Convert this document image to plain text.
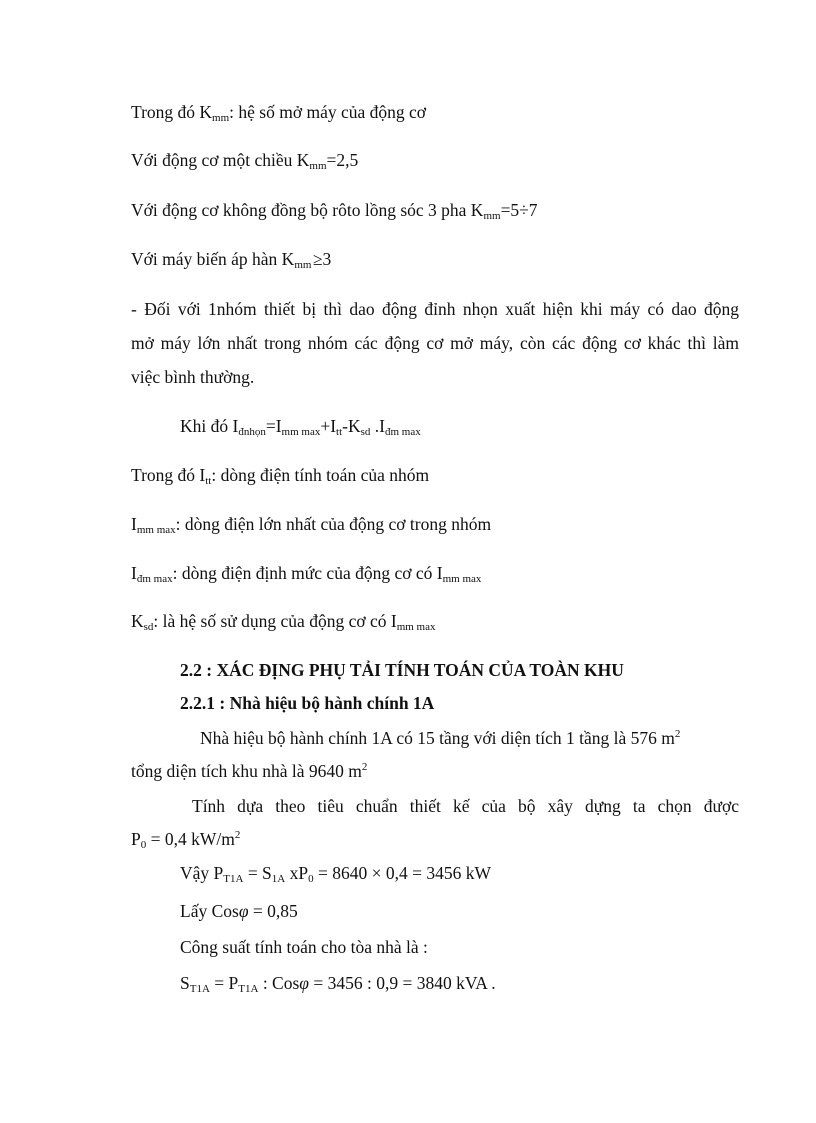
Trong đó $K_{mm}$: hệ số mở máy của động cơ
Với động cơ một chiều $K_{mm}=2,5$
Với động cơ không đồng bộ rôto lồng sóc 3 pha $K_{mm}=5\div 7$
Với máy biến áp hàn $K_{mm}$ ≥3
- Đối với 1nhóm thiết bị thì dao động đỉnh nhọn xuất hiện khi máy có dao động
mở máy lớn nhất trong nhóm các động cơ mở máy, còn các động cơ khác thì làm
việc bình thường.
Khi đó $I_{đnhọn}=I_{mm max}+I_{tt}-K_{sd}$ $.I_{đm max}$
Trong đó $I_{tt}$: dòng điện tính toán của nhóm
$I_{mm max}$: dòng điện lớn nhất của động cơ trong nhóm
$I_{đm max}$: dòng điện định mức của động cơ có $I_{mm max}$
$K_{sd}$: là hệ số sử dụng của động cơ có $I_{mm max}$
2.2 : XÁC ĐỊNG PHỤ TẢI TÍNH TOÁN CỦA TOÀN KHU
2.2.1 : Nhà hiệu bộ hành chính 1A
Nhà hiệu bộ hành chính 1A có 15 tầng với diện tích 1 tầng là 576 $m^2$
tổng diện tích khu nhà là 9640 $m^2$
Tính dựa theo tiêu chuẩn thiết kế của bộ xây dựng ta chọn được
$P_0 = 0,4$ $kW/m^2$
Vậy $P_{T1A} = S_{1A}$ $xP_0 = 8640 \times 0,4 = 3456$ kW
Lấy Cosφ = 0,85
Công suất tính toán cho tòa nhà là :
$S_{T1A} = P_{T1A}$ : Cosφ = 3456 : 0,9 = 3840 kVA .
